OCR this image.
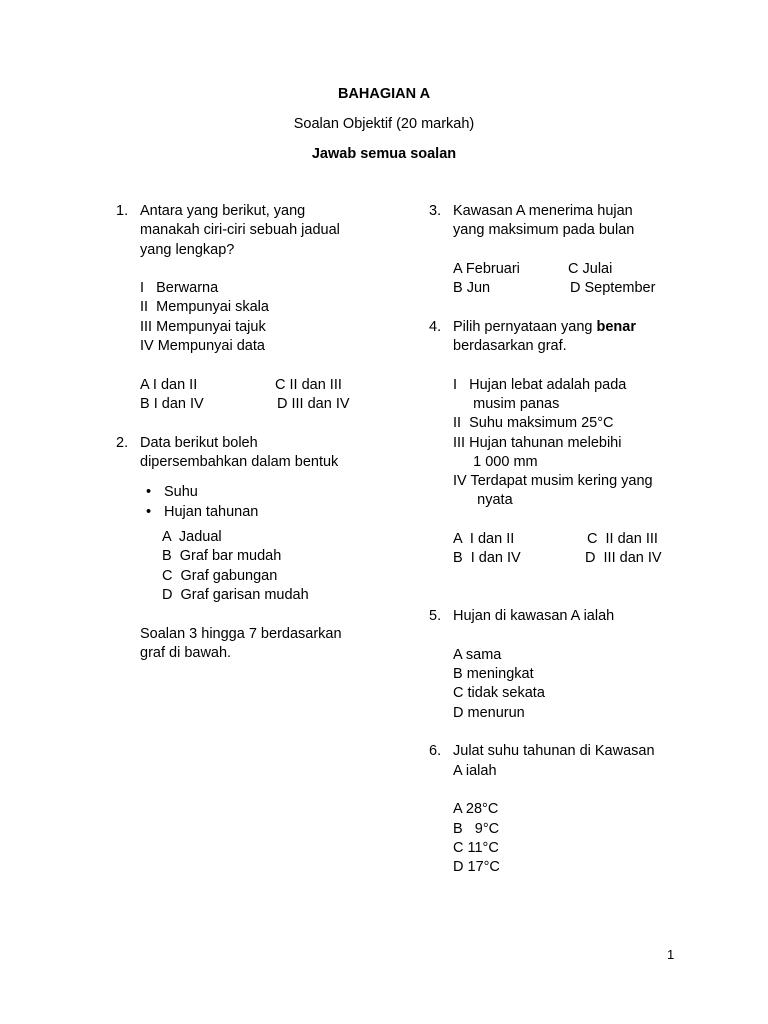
BAHAGIAN A
Soalan Objektif (20 markah)
Jawab semua soalan
1. Antara yang berikut, yang
manakah ciri-ciri sebuah jadual
yang lengkap?
I   Berwarna
II  Mempunyai skala
III Mempunyai tajuk
IV Mempunyai data
A I dan II	C II dan III
B I dan IV	D III dan IV
2. Data berikut boleh
dipersembahkan dalam bentuk
• Suhu
• Hujan tahunan
A  Jadual
B  Graf bar mudah
C  Graf gabungan
D  Graf garisan mudah
Soalan 3 hingga 7 berdasarkan
graf di bawah.
3. Kawasan A menerima hujan
yang maksimum pada bulan
A Februari	C Julai
B Jun	D September
4. Pilih pernyataan yang benar
berdasarkan graf.
I   Hujan lebat adalah pada
musim panas
II  Suhu maksimum 25°C
III Hujan tahunan melebihi
1 000 mm
IV Terdapat musim kering yang
nyata
A  I dan II	C  II dan III
B  I dan IV	D  III dan IV
5. Hujan di kawasan A ialah
A sama
B meningkat
C tidak sekata
D menurun
6. Julat suhu tahunan di Kawasan
A ialah
A 28°C
B   9°C
C 11°C
D 17°C
1
